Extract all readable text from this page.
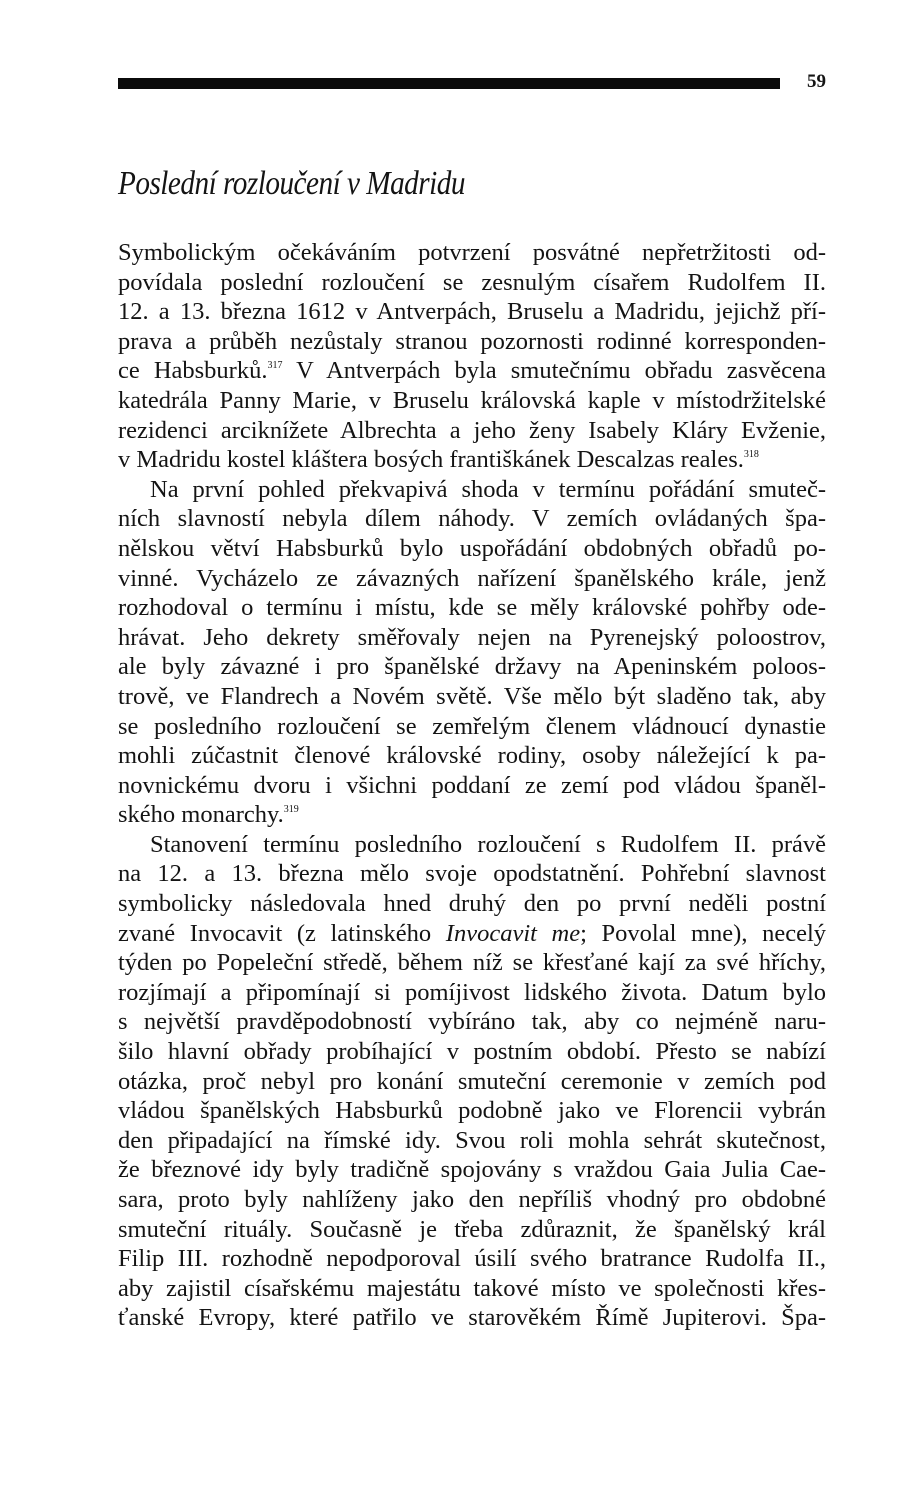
59
Poslední rozloučení v Madridu
Symbolickým očekáváním potvrzení posvátné nepřetržitosti od-
povídala poslední rozloučení se zesnulým císařem Rudolfem II.
12. a 13. března 1612 v Antverpách, Bruselu a Madridu, jejichž pří-
prava a průběh nezůstaly stranou pozornosti rodinné korresponden-
ce Habsburků.$^{317}$ V Antverpách byla smutečnímu obřadu zasvěcena
katedrála Panny Marie, v Bruselu královská kaple v místodržitelské
rezidenci arciknížete Albrechta a jeho ženy Isabely Kláry Evženie,
v Madridu kostel kláštera bosých františkánek Descalzas reales.$^{318}$
Na první pohled překvapivá shoda v termínu pořádání smuteč-
ních slavností nebyla dílem náhody. V zemích ovládaných špa-
nělskou větví Habsburků bylo uspořádání obdobných obřadů po-
vinné. Vycházelo ze závazných nařízení španělského krále, jenž
rozhodoval o termínu i místu, kde se měly královské pohřby ode-
hrávat. Jeho dekrety směřovaly nejen na Pyrenejský poloostrov,
ale byly závazné i pro španělské državy na Apeninském poloos-
trově, ve Flandrech a Novém světě. Vše mělo být sladěno tak, aby
se posledního rozloučení se zemřelým členem vládnoucí dynastie
mohli zúčastnit členové královské rodiny, osoby náležející k pa-
novnickému dvoru i všichni poddaní ze zemí pod vládou španěl-
ského monarchy.$^{319}$
Stanovení termínu posledního rozloučení s Rudolfem II. právě
na 12. a 13. března mělo svoje opodstatnění. Pohřební slavnost
symbolicky následovala hned druhý den po první neděli postní
zvané Invocavit (z latinského Invocavit me; Povolal mne), necelý
týden po Popeleční středě, během níž se křesťané kají za své hříchy,
rozjímají a připomínají si pomíjivost lidského života. Datum bylo
s největší pravděpodobností vybíráno tak, aby co nejméně naru-
šilo hlavní obřady probíhající v postním období. Přesto se nabízí
otázka, proč nebyl pro konání smuteční ceremonie v zemích pod
vládou španělských Habsburků podobně jako ve Florencii vybrán
den připadající na římské idy. Svou roli mohla sehrát skutečnost,
že březnové idy byly tradičně spojovány s vraždou Gaia Julia Cae-
sara, proto byly nahlíženy jako den nepříliš vhodný pro obdobné
smuteční rituály. Současně je třeba zdůraznit, že španělský král
Filip III. rozhodně nepodporoval úsilí svého bratrance Rudolfa II.,
aby zajistil císařskému majestátu takové místo ve společnosti křes-
ťanské Evropy, které patřilo ve starověkém Římě Jupiterovi. Špa-
